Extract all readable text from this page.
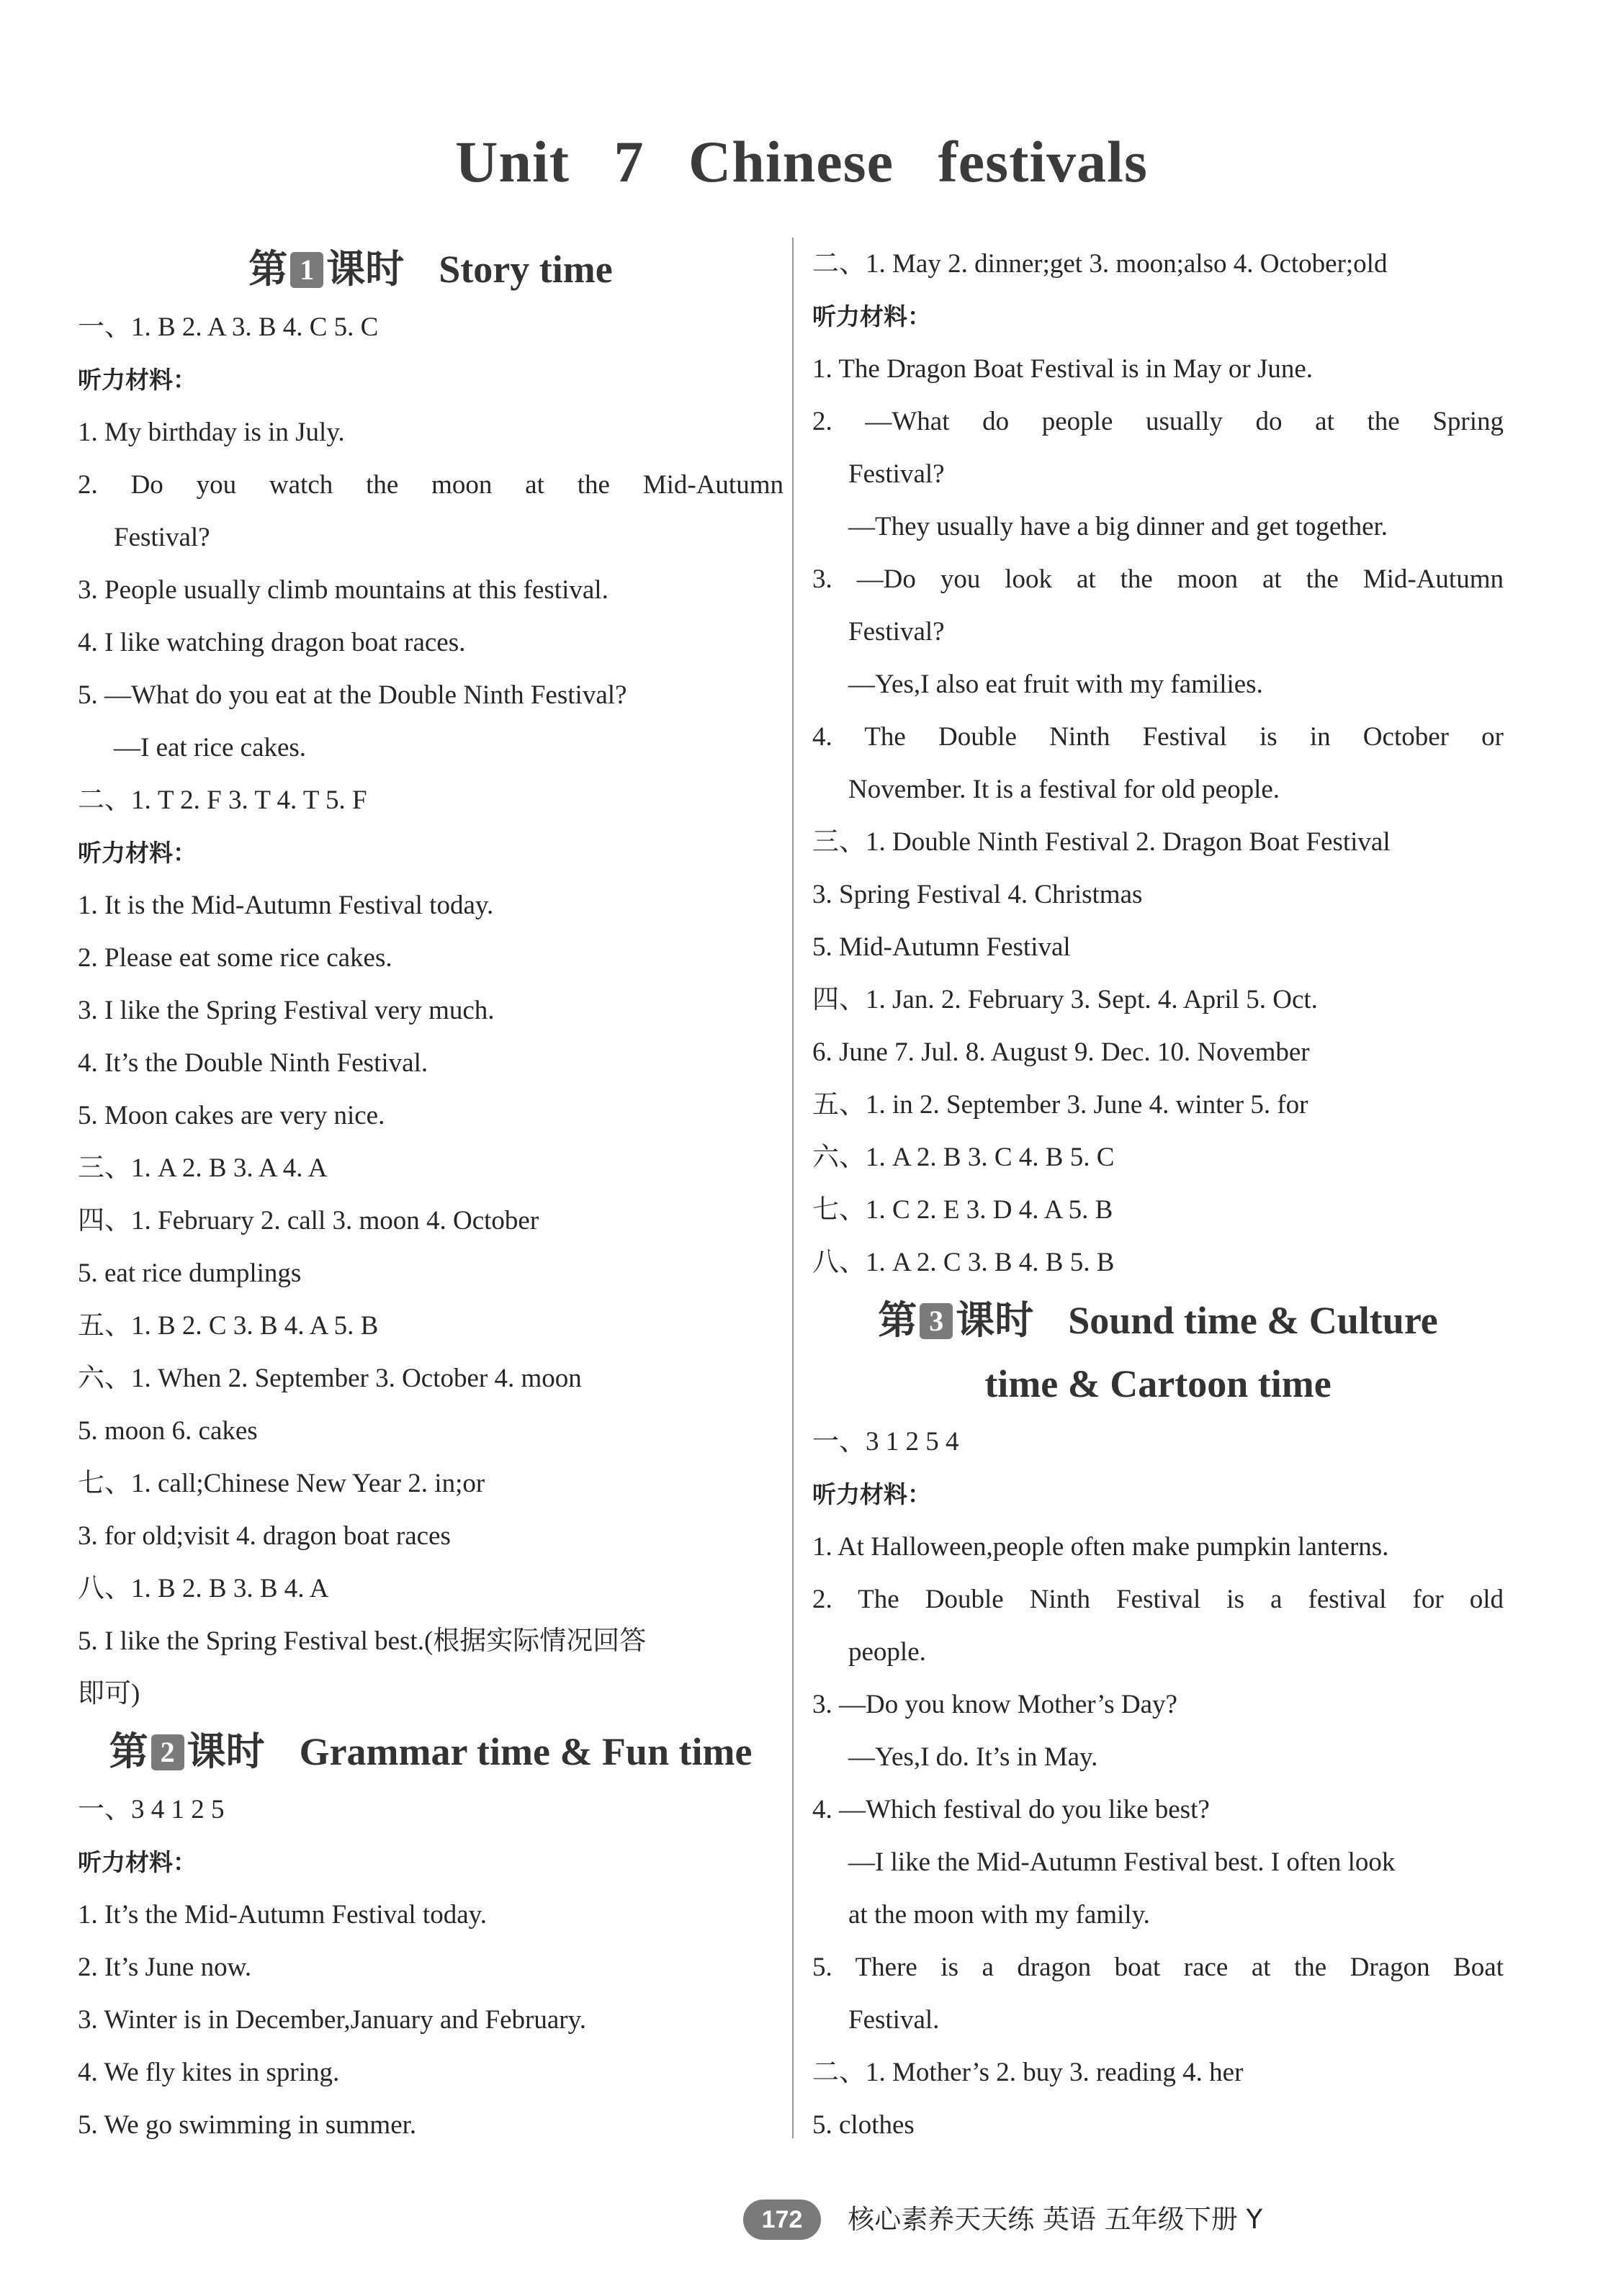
Unit 7 Chinese festivals
第 1 课时 Story time
一、1. B 2. A 3. B 4. C 5. C
听力材料：
1. My birthday is in July.
2. Do you watch the moon at the Mid-Autumn
Festival?
3. People usually climb mountains at this festival.
4. I like watching dragon boat races.
5. —What do you eat at the Double Ninth Festival?
—I eat rice cakes.
二、1. T 2. F 3. T 4. T 5. F
听力材料：
1. It is the Mid-Autumn Festival today.
2. Please eat some rice cakes.
3. I like the Spring Festival very much.
4. It’s the Double Ninth Festival.
5. Moon cakes are very nice.
三、1. A 2. B 3. A 4. A
四、1. February 2. call 3. moon 4. October
5. eat rice dumplings
五、1. B 2. C 3. B 4. A 5. B
六、1. When 2. September 3. October 4. moon
5. moon 6. cakes
七、1. call;Chinese New Year 2. in;or
3. for old;visit 4. dragon boat races
八、1. B 2. B 3. B 4. A
5. I like the Spring Festival best.(根据实际情况回答
即可)
第 2 课时 Grammar time & Fun time
一、3 4 1 2 5
听力材料：
1. It’s the Mid-Autumn Festival today.
2. It’s June now.
3. Winter is in December,January and February.
4. We fly kites in spring.
5. We go swimming in summer.
二、1. May 2. dinner;get 3. moon;also 4. October;old
听力材料：
1. The Dragon Boat Festival is in May or June.
2. —What do people usually do at the Spring
Festival?
—They usually have a big dinner and get together.
3. —Do you look at the moon at the Mid-Autumn
Festival?
—Yes,I also eat fruit with my families.
4. The Double Ninth Festival is in October or
November. It is a festival for old people.
三、1. Double Ninth Festival 2. Dragon Boat Festival
3. Spring Festival 4. Christmas
5. Mid-Autumn Festival
四、1. Jan. 2. February 3. Sept. 4. April 5. Oct.
6. June 7. Jul. 8. August 9. Dec. 10. November
五、1. in 2. September 3. June 4. winter 5. for
六、1. A 2. B 3. C 4. B 5. C
七、1. C 2. E 3. D 4. A 5. B
八、1. A 2. C 3. B 4. B 5. B
第 3 课时 Sound time & Culture
time & Cartoon time
一、3 1 2 5 4
听力材料：
1. At Halloween,people often make pumpkin lanterns.
2. The Double Ninth Festival is a festival for old
people.
3. —Do you know Mother’s Day?
—Yes,I do. It’s in May.
4. —Which festival do you like best?
—I like the Mid-Autumn Festival best. I often look
at the moon with my family.
5. There is a dragon boat race at the Dragon Boat
Festival.
二、1. Mother’s 2. buy 3. reading 4. her
5. clothes
172 核心素养天天练 英语 五年级下册 Y
